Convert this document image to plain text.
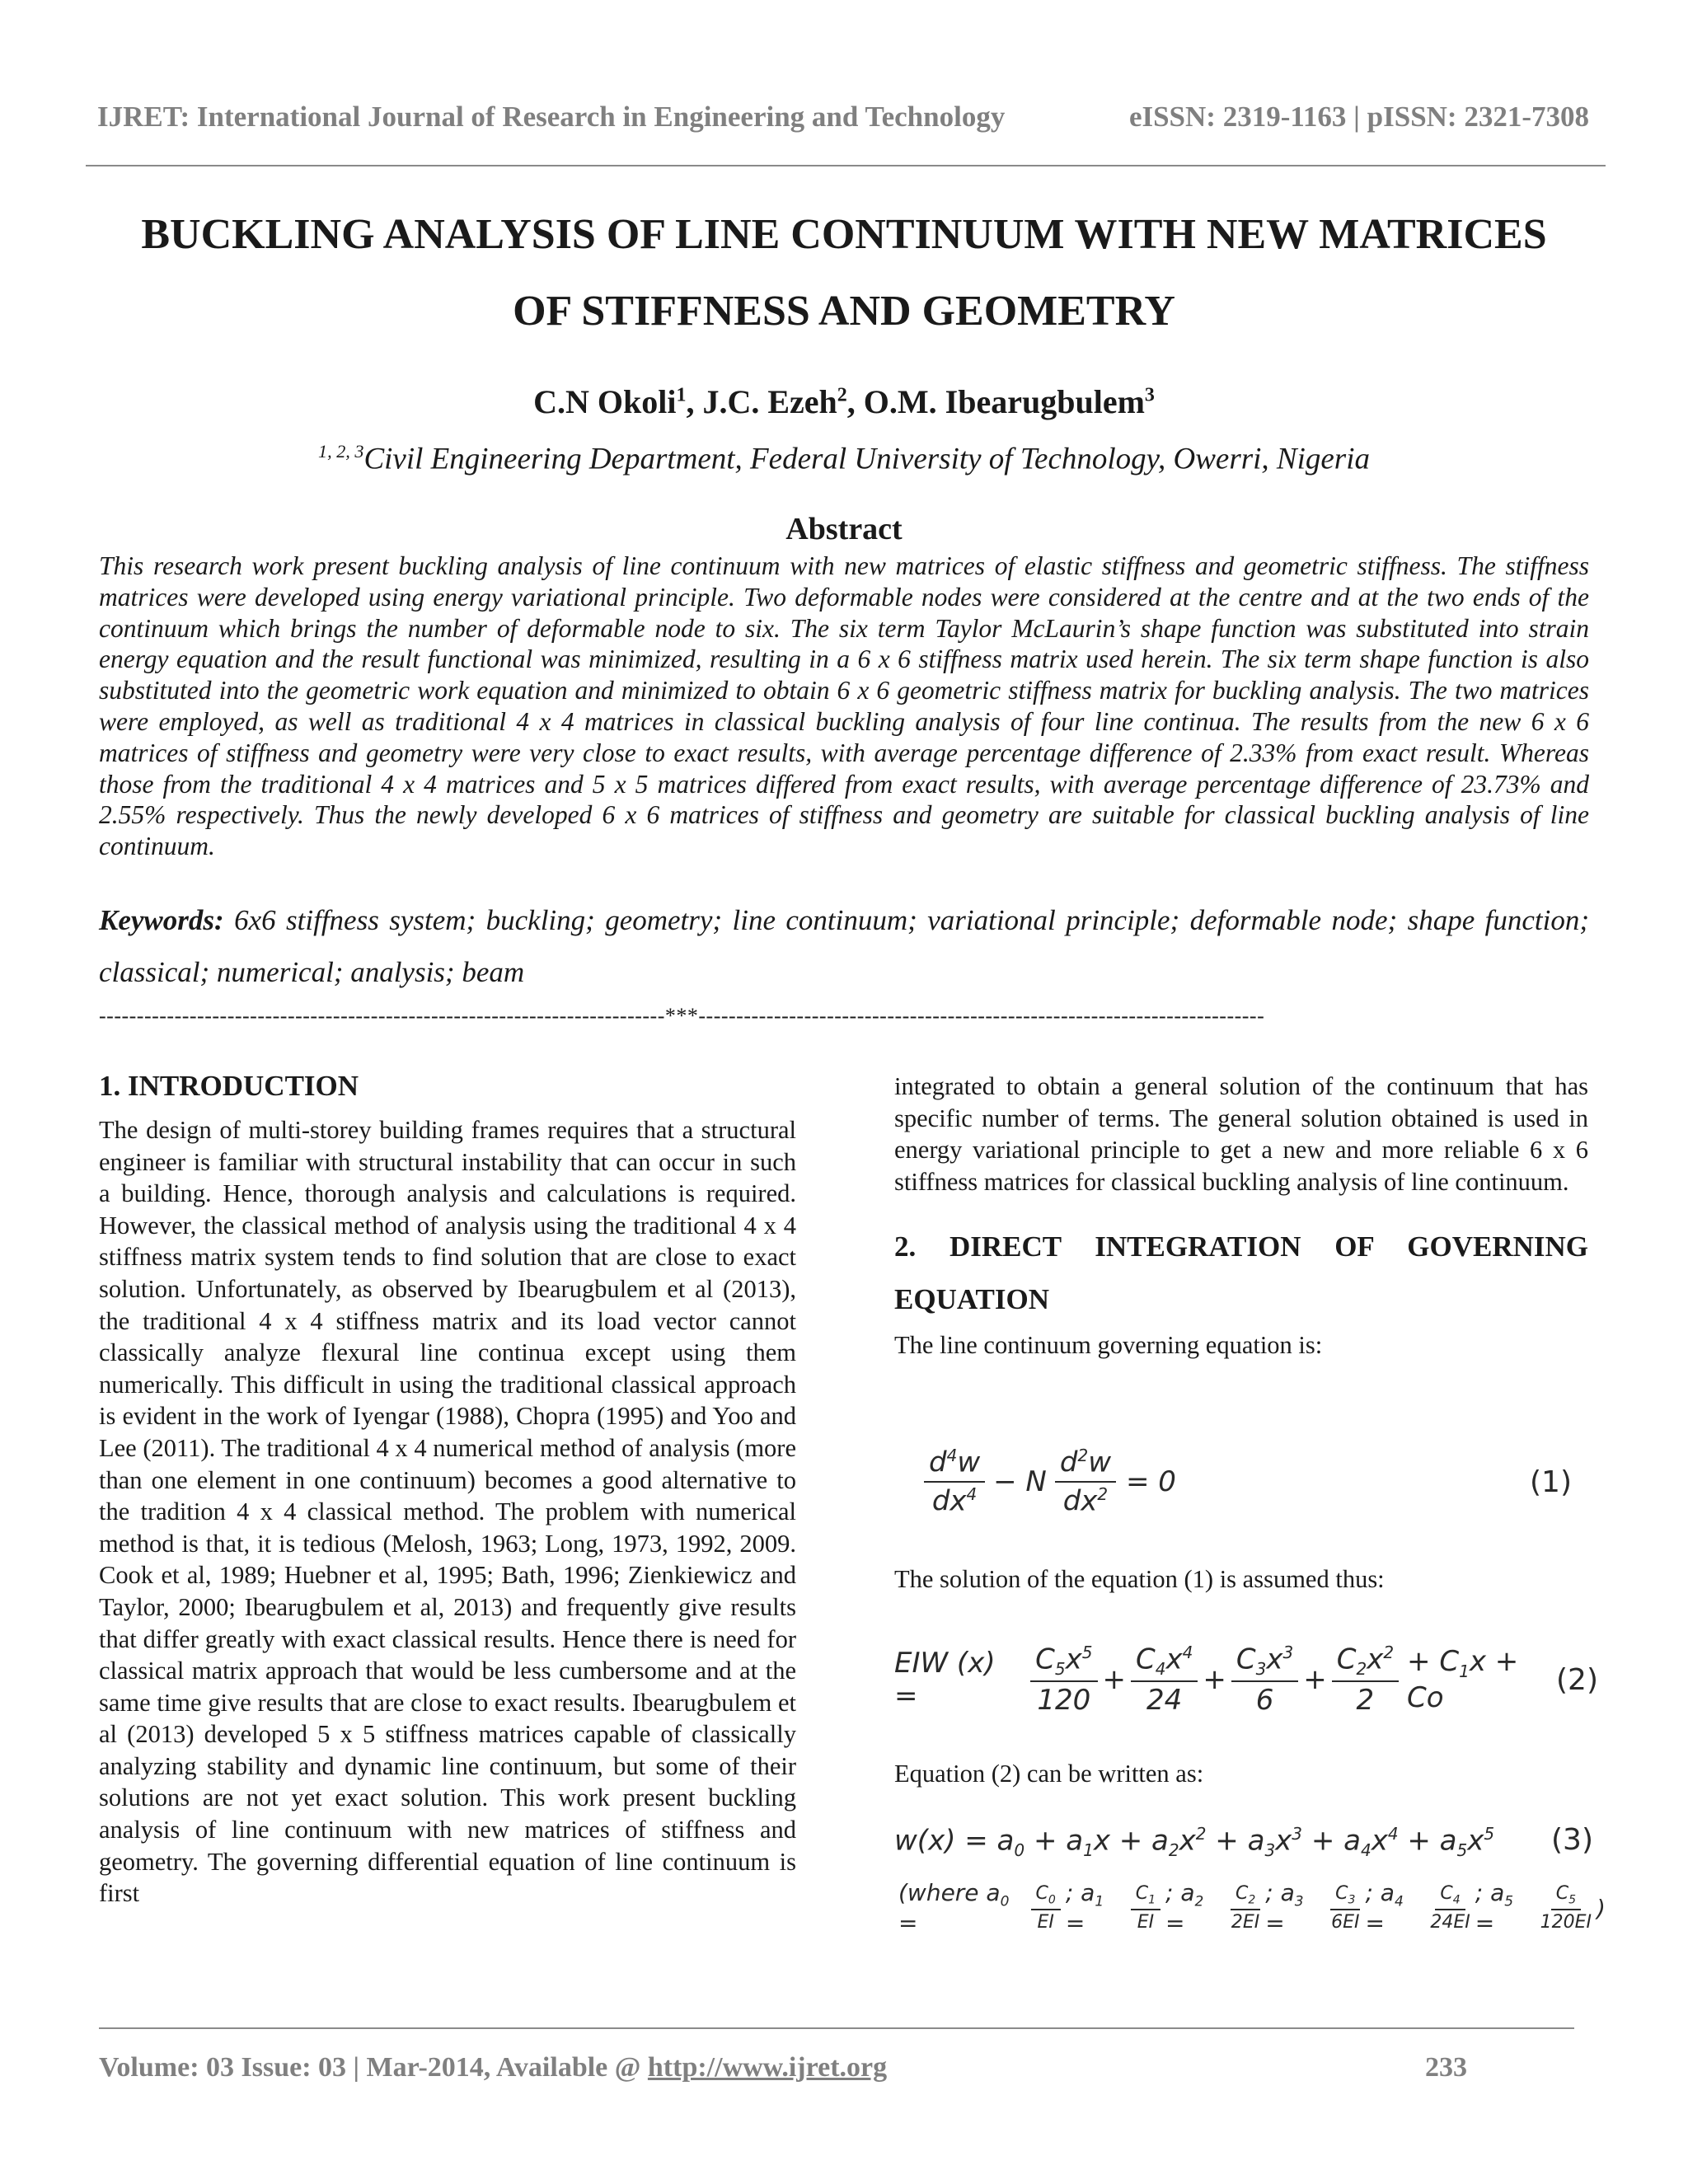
IJRET: International Journal of Research in Engineering and Technology	eISSN: 2319-1163 | pISSN: 2321-7308
BUCKLING ANALYSIS OF LINE CONTINUUM WITH NEW MATRICES
OF STIFFNESS AND GEOMETRY
C.N Okoli$^1$, J.C. Ezeh$^2$, O.M. Ibearugbulem$^3$
$^{1, 2, 3}$Civil Engineering Department, Federal University of Technology, Owerri, Nigeria
Abstract

This research work present buckling analysis of line continuum with new matrices of elastic stiffness and geometric stiffness. The stiffness matrices were developed using energy variational principle. Two deformable nodes were considered at the centre and at the two ends of the continuum which brings the number of deformable node to six. The six term Taylor McLaurin’s shape function was substituted into strain energy equation and the result functional was minimized, resulting in a 6 x 6 stiffness matrix used herein. The six term shape function is also substituted into the geometric work equation and minimized to obtain 6 x 6 geometric stiffness matrix for buckling analysis. The two matrices were employed, as well as traditional 4 x 4 matrices in classical buckling analysis of four line continua. The results from the new 6 x 6 matrices of stiffness and geometry were very close to exact results, with average percentage difference of 2.33% from exact result. Whereas those from the traditional 4 x 4 matrices and 5 x 5 matrices differed from exact results, with average percentage difference of 23.73% and 2.55% respectively. Thus the newly developed 6 x 6 matrices of stiffness and geometry are suitable for classical buckling analysis of line continuum.

Keywords: 6x6 stiffness system; buckling; geometry; line continuum; variational principle; deformable node; shape function; classical; numerical; analysis; beam

---------------------------------------------------------------------------***---------------------------------------------------------------------------

1. INTRODUCTION

The design of multi-storey building frames requires that a structural engineer is familiar with structural instability that can occur in such a building. Hence, thorough analysis and calculations is required. However, the classical method of analysis using the traditional 4 x 4 stiffness matrix system tends to find solution that are close to exact solution. Unfortunately, as observed by Ibearugbulem et al (2013), the traditional 4 x 4 stiffness matrix and its load vector cannot classically analyze flexural line continua except using them numerically. This difficult in using the traditional classical approach is evident in the work of Iyengar (1988), Chopra (1995) and Yoo and Lee (2011). The traditional 4 x 4 numerical method of analysis (more than one element in one continuum) becomes a good alternative to the tradition 4 x 4 classical method. The problem with numerical method is that, it is tedious (Melosh, 1963; Long, 1973, 1992, 2009. Cook et al, 1989; Huebner et al, 1995; Bath, 1996; Zienkiewicz and Taylor, 2000; Ibearugbulem et al, 2013) and frequently give results that differ greatly with exact classical results. Hence there is need for classical matrix approach that would be less cumbersome and at the same time give results that are close to exact results. Ibearugbulem et al (2013) developed 5 x 5 stiffness matrices capable of classically analyzing stability and dynamic line continuum, but some of their solutions are not yet exact solution. This work present buckling analysis of line continuum with new matrices of stiffness and geometry. The governing differential equation of line continuum is first

integrated to obtain a general solution of the continuum that has specific number of terms. The general solution obtained is used in energy variational principle to get a new and more reliable 6 x 6 stiffness matrices for classical buckling analysis of line continuum.

2. DIRECT INTEGRATION OF GOVERNING

EQUATION

The line continuum governing equation is:

$\frac{d^4w}{dx^4} - N \frac{d^2w}{dx^2} = 0$	(1)
The solution of the equation (1) is assumed thus:
EIW (x) =	$\frac{C_5x^5}{120} + \frac{C_4x^4}{24} + \frac{C_3x^3}{6} + \frac{C_2x^2}{2} + C_1x + Co$
(2)
Equation (2) can be written as:
$w(x) = a_0 + a_1x + a_2x^2 + a_3x^3 + a_4x^4 + a_5x^5$ (3)
(where $a_0$ =	$\frac{C_0}{EI}$ ; $a_1$ =	$\frac{C_1}{EI}$ ; $a_2$ =	$\frac{C_2}{2EI}$ ; $a_3$ =	$\frac{C_3}{6EI}$ ; $a_4$ =	$\frac{C_4}{24EI}$ ; $a_5$ =	$\frac{C_5}{120EI}$ )
Volume: 03 Issue: 03 | Mar-2014, Available @ http://www.ijret.org	233
